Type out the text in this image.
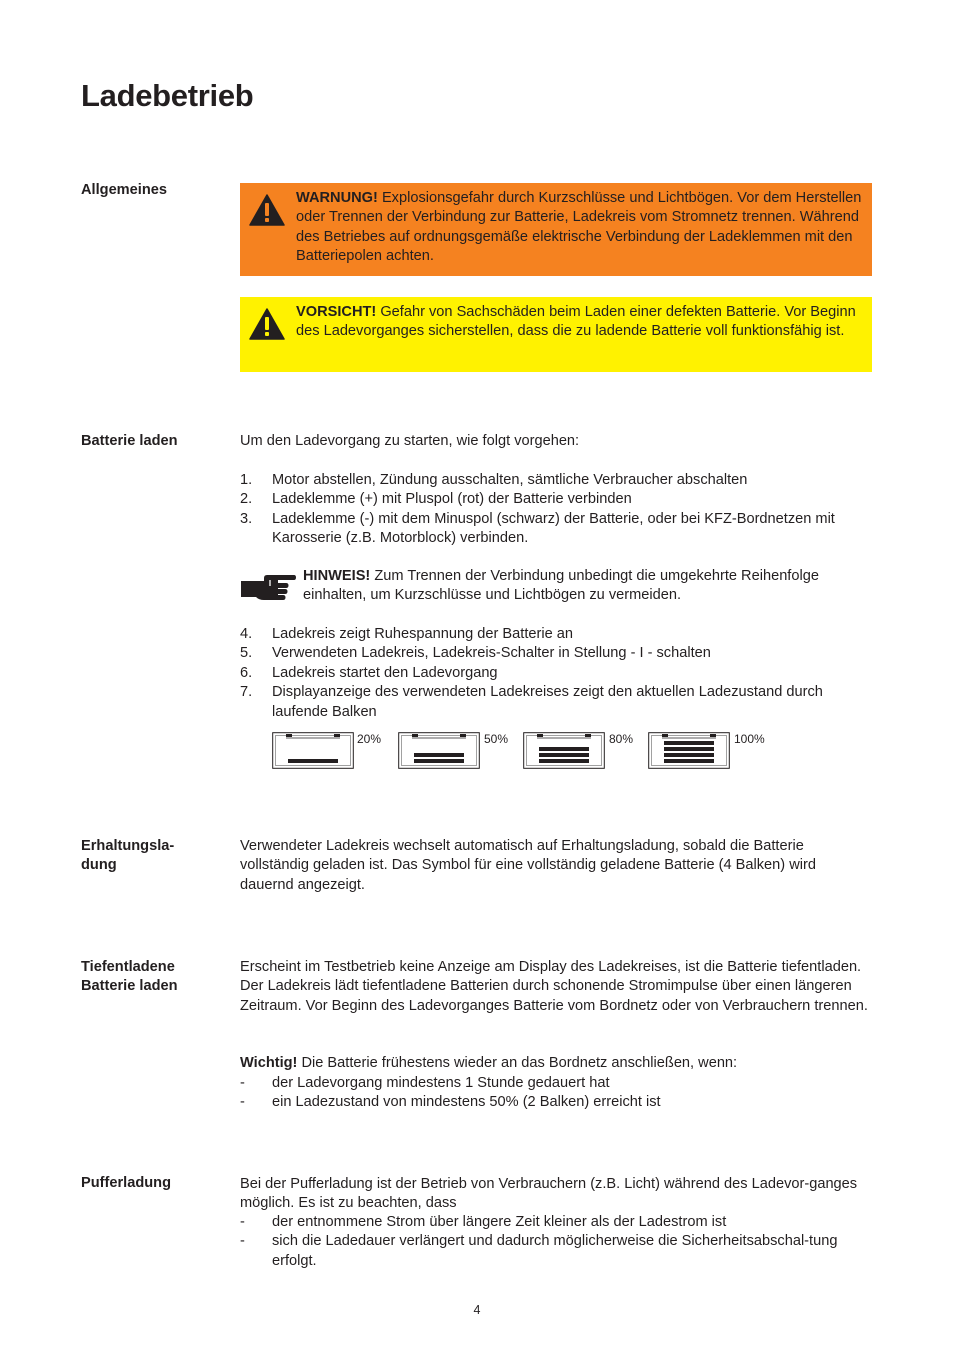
Ladebetrieb
Allgemeines	WARNUNG! Explosionsgefahr durch Kurzschlüsse und Lichtbögen. Vor dem Herstellen oder Trennen der Verbindung zur Batterie, Ladekreis vom Stromnetz trennen. Während des Betriebes auf ordnungsgemäße elektrische Verbindung der Ladeklemmen mit den Batteriepolen achten.

VORSICHT! Gefahr von Sachschäden beim Laden einer defekten Batterie. Vor Beginn des Ladevorganges sicherstellen, dass die zu ladende Batterie voll funktionsfähig ist.

Batterie laden	Um den Ladevorgang zu starten, wie folgt vorgehen:

1. Motor abstellen, Zündung ausschalten, sämtliche Verbraucher abschalten
2. Ladeklemme (+) mit Pluspol (rot) der Batterie verbinden
3. Ladeklemme (-) mit dem Minuspol (schwarz) der Batterie, oder bei KFZ-Bordnetzen mit Karosserie (z.B. Motorblock) verbinden.

HINWEIS! Zum Trennen der Verbindung unbedingt die umgekehrte Reihenfolge einhalten, um Kurzschlüsse und Lichtbögen zu vermeiden.

4. Ladekreis zeigt Ruhespannung der Batterie an
5. Verwendeten Ladekreis, Ladekreis-Schalter in Stellung - I - schalten
6. Ladekreis startet den Ladevorgang
7. Displayanzeige des verwendeten Ladekreises zeigt den aktuellen Ladezustand durch laufende Balken
20%	50%	80%	100%
Erhaltungsla-
dung

Verwendeter Ladekreis wechselt automatisch auf Erhaltungsladung, sobald die Batterie vollständig geladen ist. Das Symbol für eine vollständig geladene Batterie (4 Balken) wird dauernd angezeigt.

Tiefentladene
Batterie laden

Erscheint im Testbetrieb keine Anzeige am Display des Ladekreises, ist die Batterie tiefentladen. Der Ladekreis lädt tiefentladene Batterien durch schonende Stromimpulse über einen längeren Zeitraum. Vor Beginn des Ladevorganges Batterie vom Bordnetz oder von Verbrauchern trennen.

Wichtig! Die Batterie frühestens wieder an das Bordnetz anschließen, wenn:

- der Ladevorgang mindestens 1 Stunde gedauert hat
- ein Ladezustand von mindestens 50% (2 Balken) erreicht ist
Pufferladung	Bei der Pufferladung ist der Betrieb von Verbrauchern (z.B. Licht) während des Ladevor-ganges möglich. Es ist zu beachten, dass

- der entnommene Strom über längere Zeit kleiner als der Ladestrom ist
- sich die Ladedauer verlängert und dadurch möglicherweise die Sicherheitsabschal-tung erfolgt.
4
